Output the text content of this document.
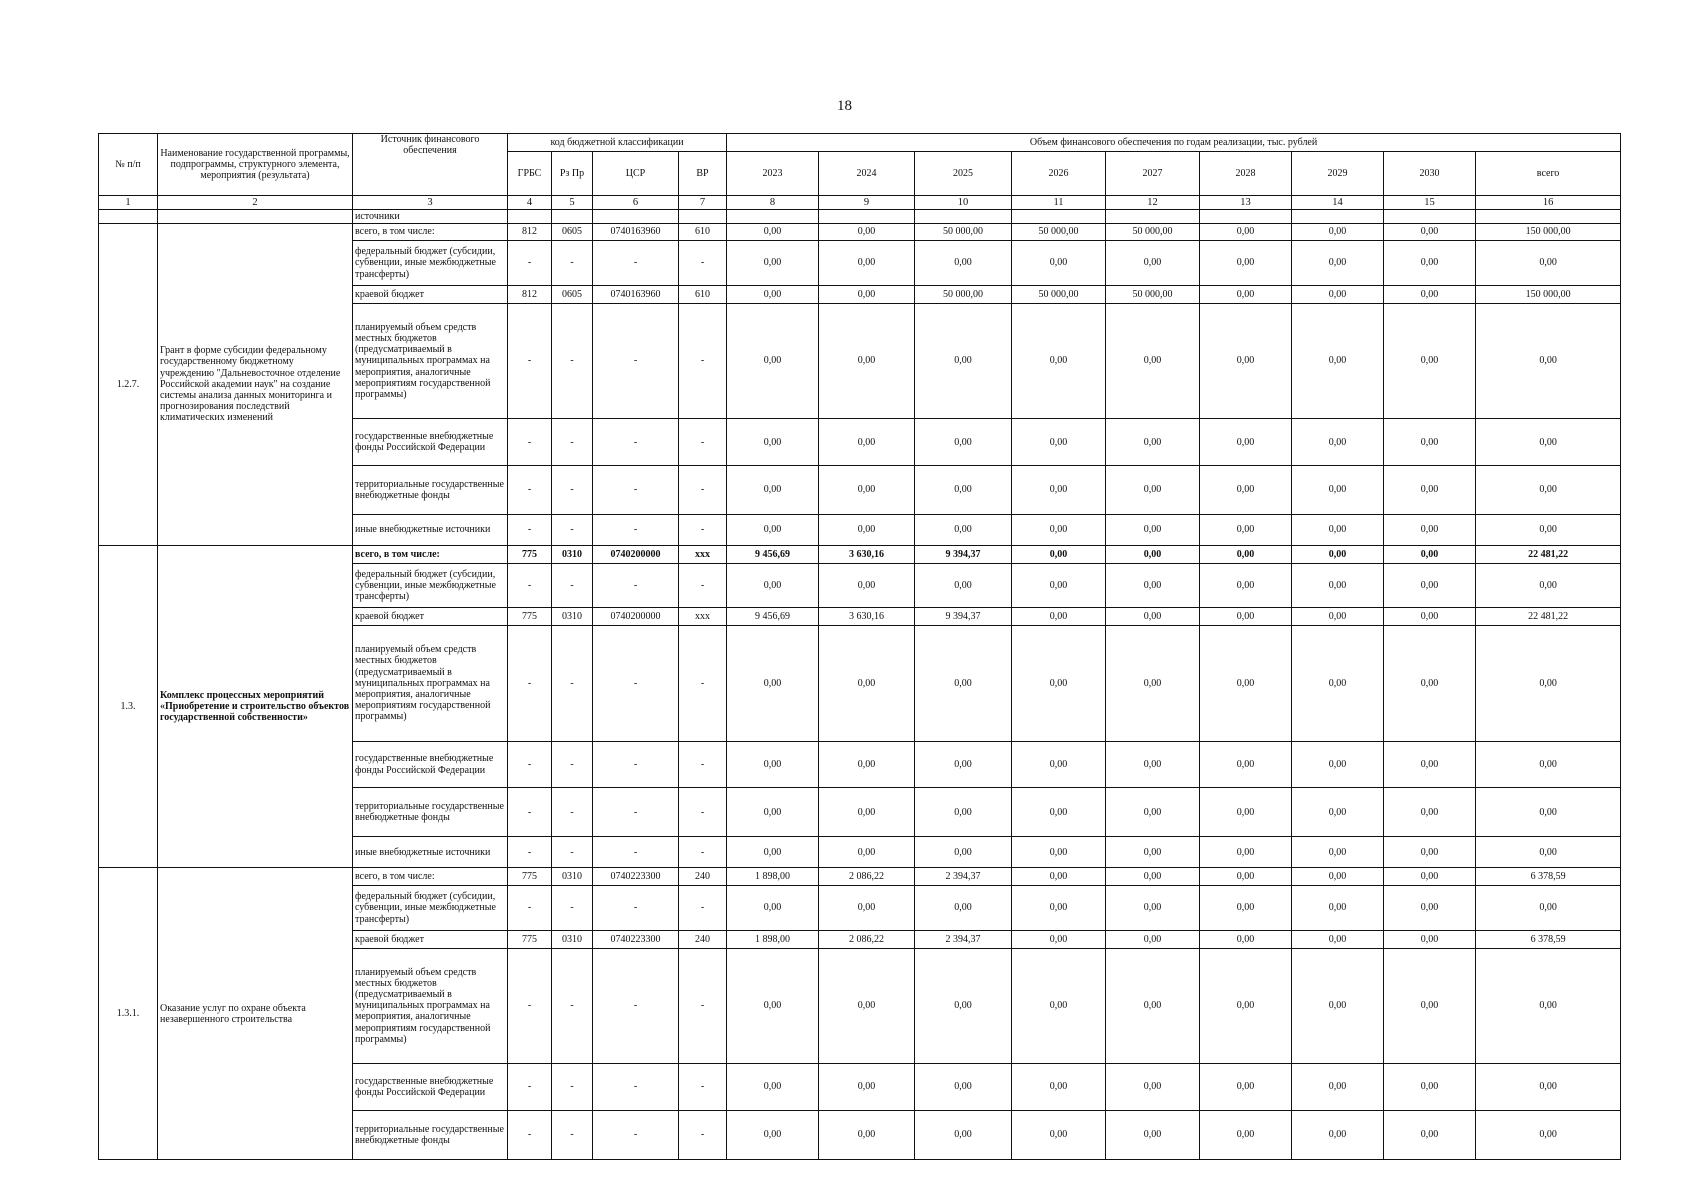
18
№ п/п	Наименование государственной программы, подпрограммы, структурного элемента, мероприятия (результата)	Источник финансового обеспечения	код бюджетной классификации				Объем финансового обеспечения по годам реализации, тыс. рублей								
			ГРБС	Рз Пр	ЦСР	ВР	2023	2024	2025	2026	2027	2028	2029	2030	всего
1	2	3	4	5	6	7	8	9	10	11	12	13	14	15	16
		источники													
1.2.7.	Грант в форме субсидии федеральному государственному бюджетному учреждению "Дальневосточное отделение Российской академии наук" на создание системы анализа данных мониторинга и прогнозирования последствий климатических изменений	всего, в том числе:	812	0605	0740163960	610	0,00	0,00	50 000,00	50 000,00	50 000,00	0,00	0,00	0,00	150 000,00
		федеральный бюджет (субсидии, субвенции, иные межбюджетные трансферты)	-	-	-	-	0,00	0,00	0,00	0,00	0,00	0,00	0,00	0,00	0,00
		краевой бюджет	812	0605	0740163960	610	0,00	0,00	50 000,00	50 000,00	50 000,00	0,00	0,00	0,00	150 000,00
		планируемый объем средств местных бюджетов (предусматриваемый в муниципальных программах на мероприятия, аналогичные мероприятиям государственной программы)	-	-	-	-	0,00	0,00	0,00	0,00	0,00	0,00	0,00	0,00	0,00
		государственные внебюджетные фонды Российской Федерации	-	-	-	-	0,00	0,00	0,00	0,00	0,00	0,00	0,00	0,00	0,00
		территориальные государственные внебюджетные фонды	-	-	-	-	0,00	0,00	0,00	0,00	0,00	0,00	0,00	0,00	0,00
		иные внебюджетные источники	-	-	-	-	0,00	0,00	0,00	0,00	0,00	0,00	0,00	0,00	0,00
1.3.	Комплекс процессных мероприятий «Приобретение и строительство объектов государственной собственности»	всего, в том числе:	775	0310	0740200000	ххх	9 456,69	3 630,16	9 394,37	0,00	0,00	0,00	0,00	0,00	22 481,22
		федеральный бюджет (субсидии, субвенции, иные межбюджетные трансферты)	-	-	-	-	0,00	0,00	0,00	0,00	0,00	0,00	0,00	0,00	0,00
		краевой бюджет	775	0310	0740200000	ххх	9 456,69	3 630,16	9 394,37	0,00	0,00	0,00	0,00	0,00	22 481,22
		планируемый объем средств местных бюджетов (предусматриваемый в муниципальных программах на мероприятия, аналогичные мероприятиям государственной программы)	-	-	-	-	0,00	0,00	0,00	0,00	0,00	0,00	0,00	0,00	0,00
		государственные внебюджетные фонды Российской Федерации	-	-	-	-	0,00	0,00	0,00	0,00	0,00	0,00	0,00	0,00	0,00
		территориальные государственные внебюджетные фонды	-	-	-	-	0,00	0,00	0,00	0,00	0,00	0,00	0,00	0,00	0,00
		иные внебюджетные источники	-	-	-	-	0,00	0,00	0,00	0,00	0,00	0,00	0,00	0,00	0,00
1.3.1.	Оказание услуг по охране объекта незавершенного строительства	всего, в том числе:	775	0310	0740223300	240	1 898,00	2 086,22	2 394,37	0,00	0,00	0,00	0,00	0,00	6 378,59
		федеральный бюджет (субсидии, субвенции, иные межбюджетные трансферты)	-	-	-	-	0,00	0,00	0,00	0,00	0,00	0,00	0,00	0,00	0,00
		краевой бюджет	775	0310	0740223300	240	1 898,00	2 086,22	2 394,37	0,00	0,00	0,00	0,00	0,00	6 378,59
		планируемый объем средств местных бюджетов (предусматриваемый в муниципальных программах на мероприятия, аналогичные мероприятиям государственной программы)	-	-	-	-	0,00	0,00	0,00	0,00	0,00	0,00	0,00	0,00	0,00
		государственные внебюджетные фонды Российской Федерации	-	-	-	-	0,00	0,00	0,00	0,00	0,00	0,00	0,00	0,00	0,00
		территориальные государственные внебюджетные фонды	-	-	-	-	0,00	0,00	0,00	0,00	0,00	0,00	0,00	0,00	0,00
